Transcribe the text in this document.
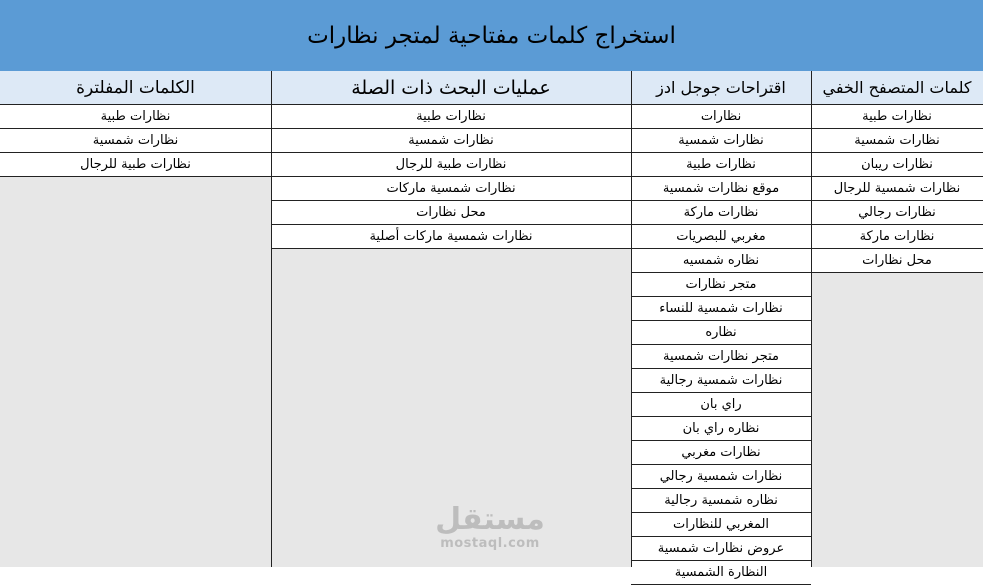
استخراج كلمات مفتاحية لمتجر نظارات
كلمات المتصفح الخفي
نظارات طبية
نظارات شمسية
نظارات ريبان
نظارات شمسية للرجال
نظارات رجالي
نظارات ماركة
محل نظارات
اقتراحات جوجل ادز
نظارات
نظارات شمسية
نظارات طبية
موقع نظارات شمسية
نظارات ماركة
مغربي للبصريات
نظاره شمسيه
متجر نظارات
نظارات شمسية للنساء
نظاره
متجر نظارات شمسية
نظارات شمسية رجالية
راي بان
نظاره راي بان
نظارات مغربي
نظارات شمسية رجالي
نظاره شمسية رجالية
المغربي للنظارات
عروض نظارات شمسية
النظارة الشمسية
عمليات البحث ذات الصلة
نظارات طبية
نظارات شمسية
نظارات طبية للرجال
نظارات شمسية ماركات
محل نظارات
نظارات شمسية ماركات أصلية
الكلمات المفلترة
نظارات طبية
نظارات شمسية
نظارات طبية للرجال
مستقل
mostaql.com
